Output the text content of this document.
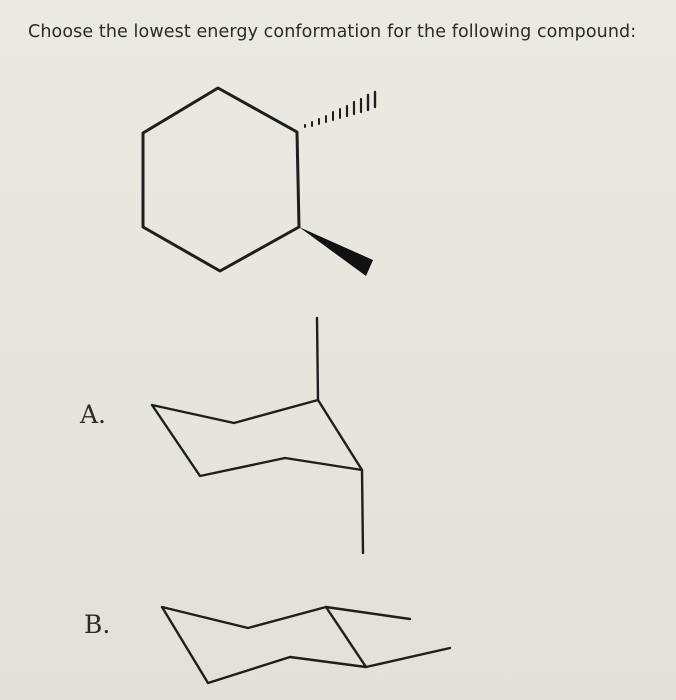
Choose the lowest energy conformation for the following compound:
A.
B.
